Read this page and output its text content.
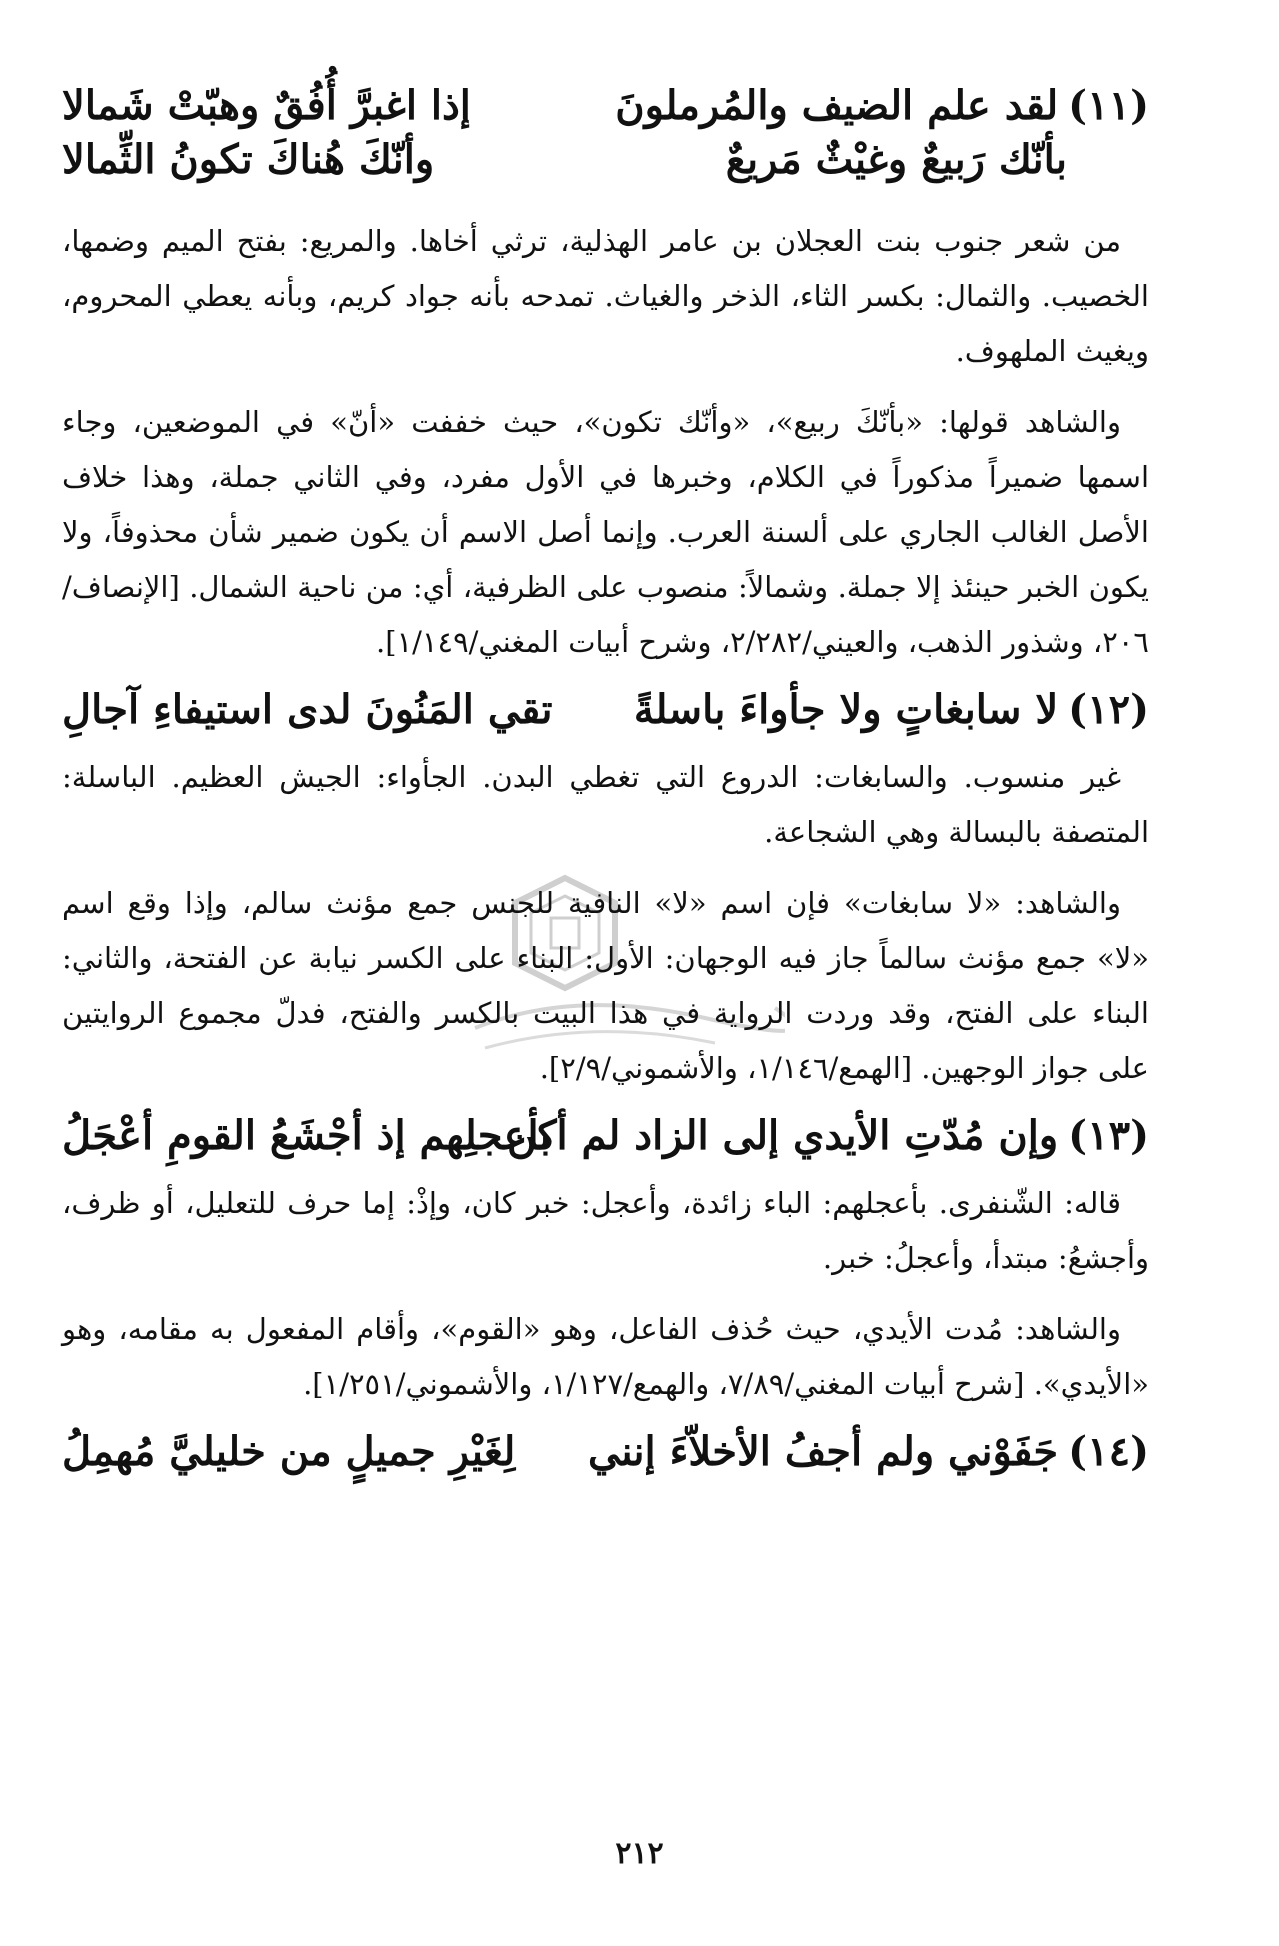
(١١)لقد علم الضيف والمُرملونَ
إذا اغبرَّ أُفُقٌ وهبّتْ شَمالا
بأنّك رَبيعٌ وغيْثٌ مَريعٌ
وأنّكَ هُناكَ تكونُ الثِّمالا

من شعر جنوب بنت العجلان بن عامر الهذلية، ترثي أخاها. والمريع: بفتح الميم وضمها، الخصيب. والثمال: بكسر الثاء، الذخر والغياث. تمدحه بأنه جواد كريم، وبأنه يعطي المحروم، ويغيث الملهوف.

والشاهد قولها: «بأنّكَ ربيع»، «وأنّك تكون»، حيث خففت «أنّ» في الموضعين، وجاء اسمها ضميراً مذكوراً في الكلام، وخبرها في الأول مفرد، وفي الثاني جملة، وهذا خلاف الأصل الغالب الجاري على ألسنة العرب. وإنما أصل الاسم أن يكون ضمير شأن محذوفاً، ولا يكون الخبر حينئذ إلا جملة. وشمالاً: منصوب على الظرفية، أي: من ناحية الشمال. [الإنصاف/٢٠٦، وشذور الذهب، والعيني/٢/٢٨٢، وشرح أبيات المغني/١/١٤٩].

(١٢)لا سابغاتٍ ولا جأواءَ باسلةً
تقي المَنُونَ لدى استيفاءِ آجالِ

غير منسوب. والسابغات: الدروع التي تغطي البدن. الجأواء: الجيش العظيم. الباسلة: المتصفة بالبسالة وهي الشجاعة.

والشاهد: «لا سابغات» فإن اسم «لا» النافية للجنس جمع مؤنث سالم، وإذا وقع اسم «لا» جمع مؤنث سالماً جاز فيه الوجهان: الأول: البناء على الكسر نيابة عن الفتحة، والثاني: البناء على الفتح، وقد وردت الرواية في هذا البيت بالكسر والفتح، فدلّ مجموع الروايتين على جواز الوجهين. [الهمع/١/١٤٦، والأشموني/٢/٩].

(١٣)وإن مُدّتِ الأيدي إلى الزاد لم أكن
بأعجلِهم إذ أجْشَعُ القومِ أعْجَلُ

قاله: الشّنفرى. بأعجلهم: الباء زائدة، وأعجل: خبر كان، وإذْ: إما حرف للتعليل، أو ظرف، وأجشعُ: مبتدأ، وأعجلُ: خبر.

والشاهد: مُدت الأيدي، حيث حُذف الفاعل، وهو «القوم»، وأقام المفعول به مقامه، وهو «الأيدي». [شرح أبيات المغني/٧/٨٩، والهمع/١/١٢٧، والأشموني/١/٢٥١].

(١٤)جَفَوْني ولم أجفُ الأخلاّءَ إنني
لِغَيْرِ جميلٍ من خليليَّ مُهمِلُ
٢١٢
